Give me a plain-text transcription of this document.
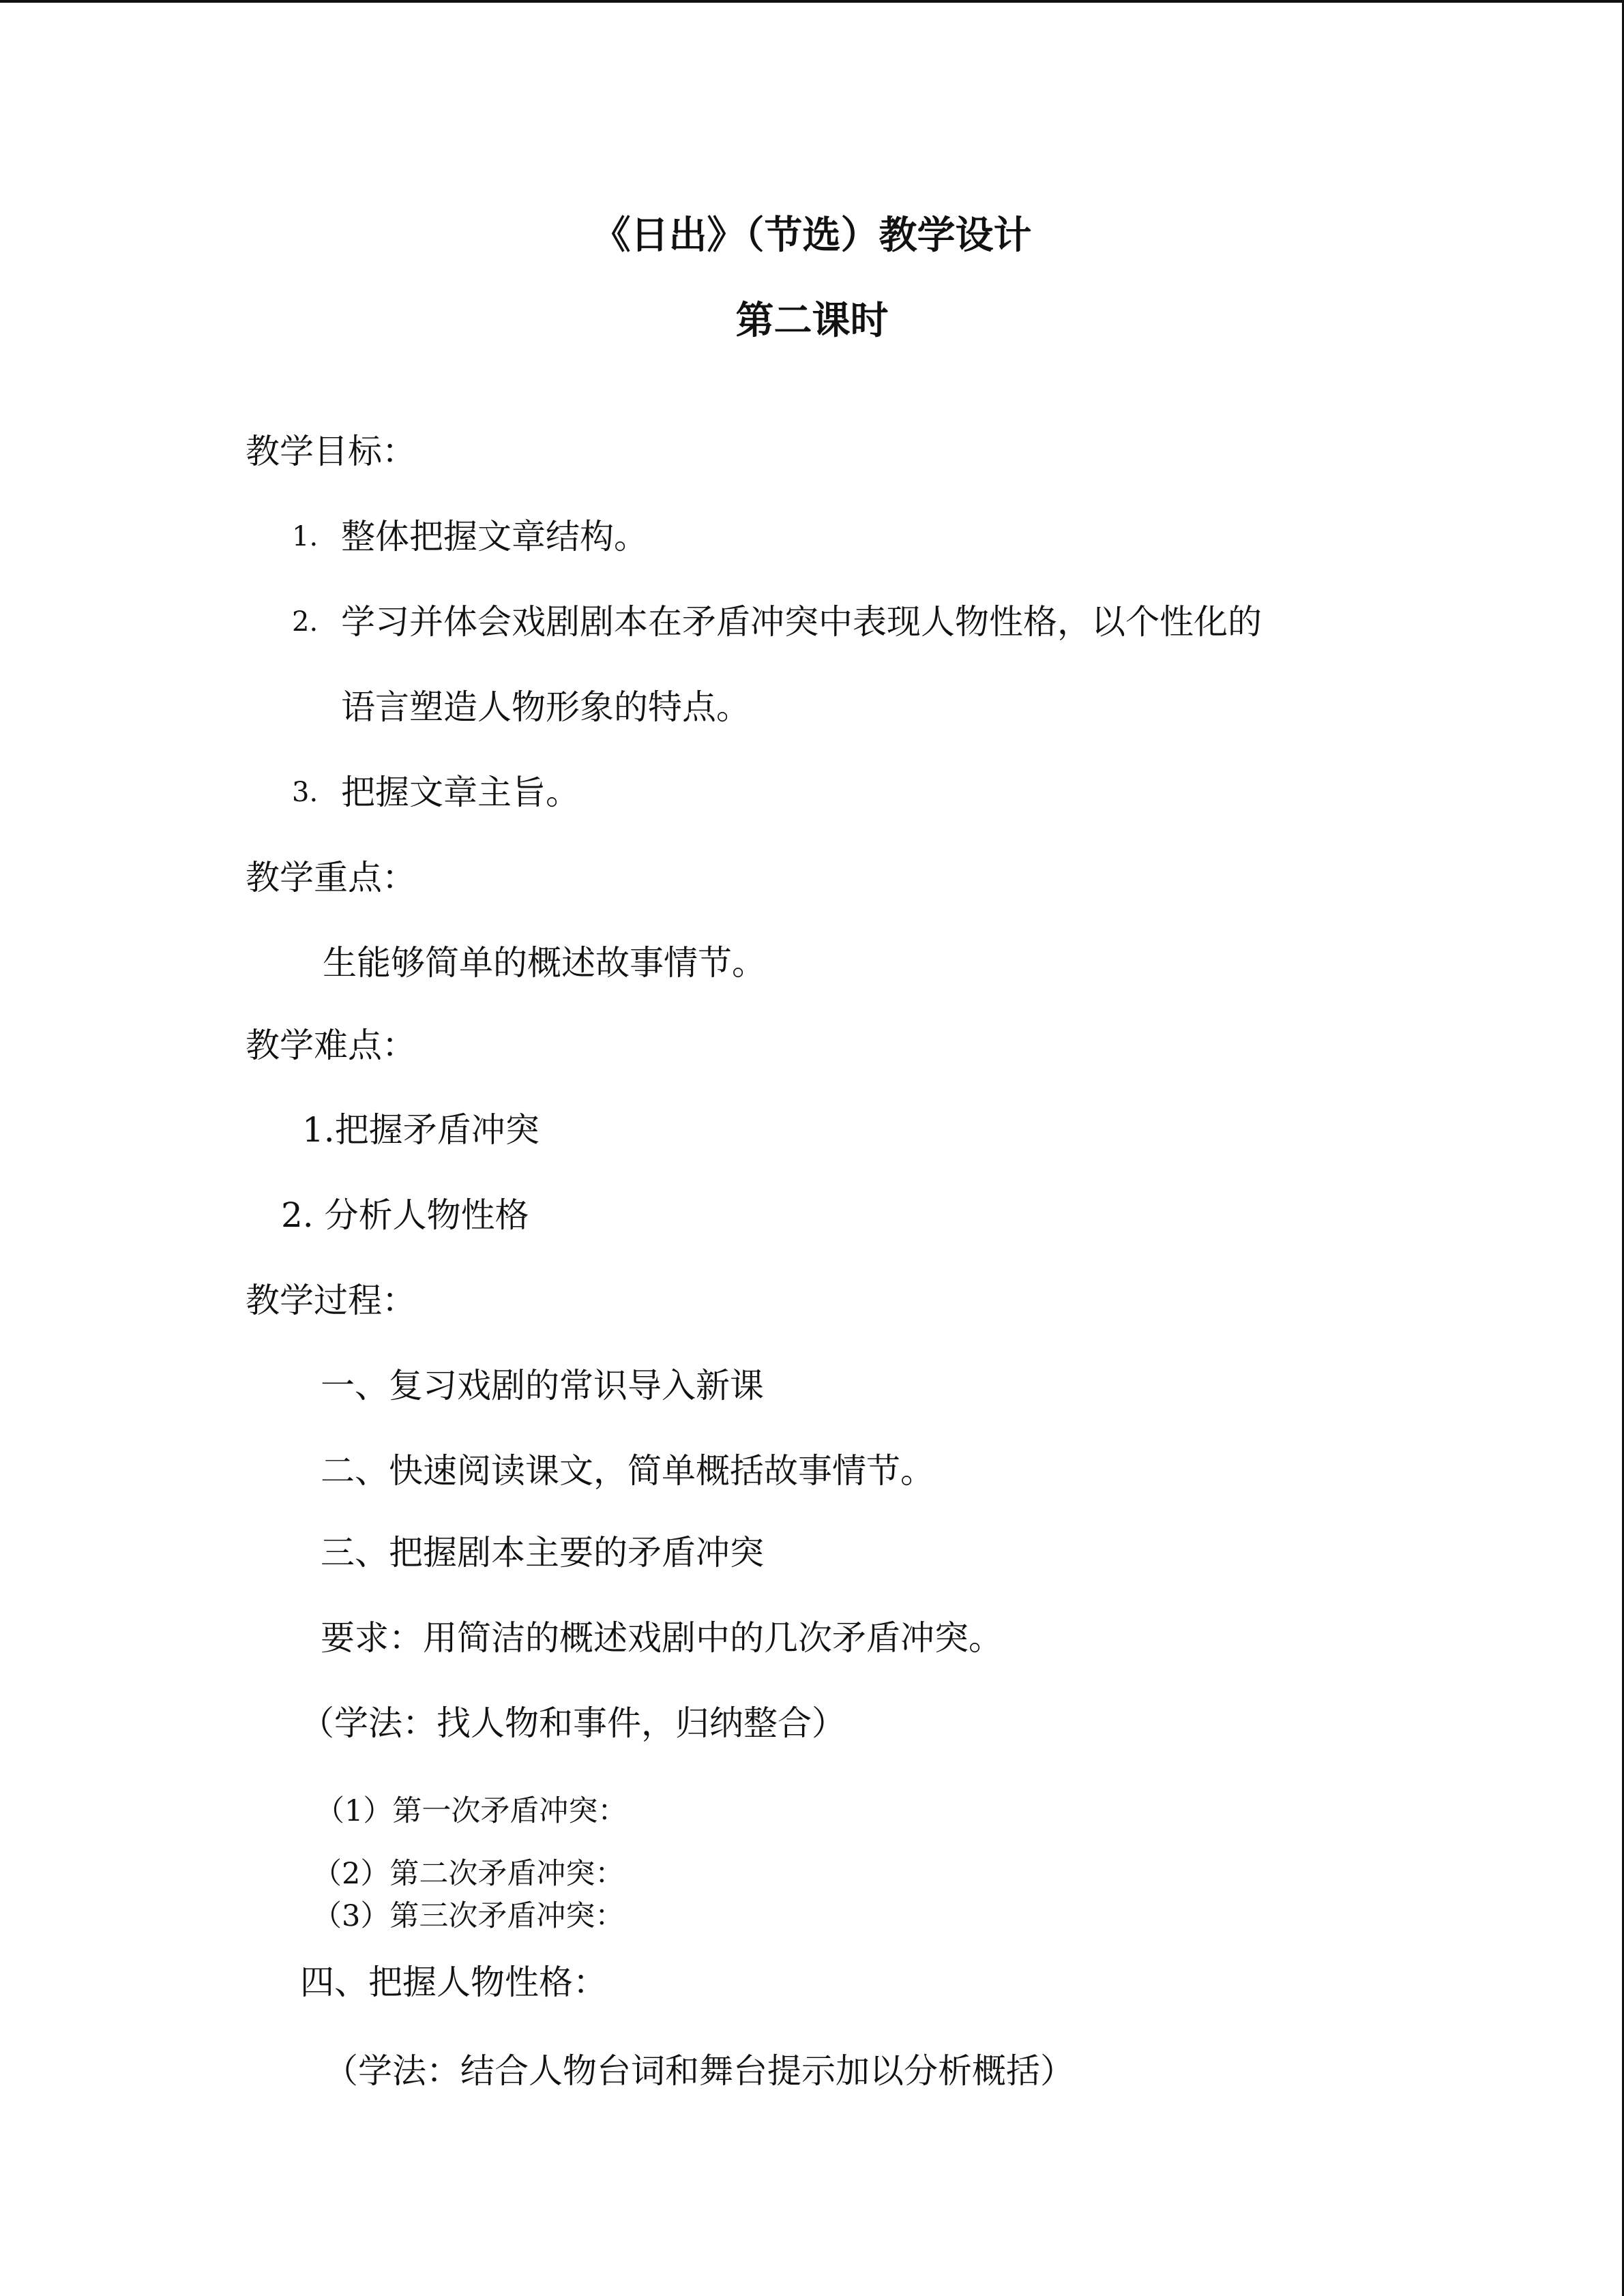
《日出》（节选）教学设计
第二课时
教学目标：
1. 整体把握文章结构。
2. 学习并体会戏剧剧本在矛盾冲突中表现人物性格，以个性化的
语言塑造人物形象的特点。
3. 把握文章主旨。
教学重点：
生能够简单的概述故事情节。
教学难点：
1.把握矛盾冲突
2. 分析人物性格
教学过程：
一、复习戏剧的常识导入新课
二、快速阅读课文，简单概括故事情节。
三、把握剧本主要的矛盾冲突
要求：用简洁的概述戏剧中的几次矛盾冲突。
（学法：找人物和事件，归纳整合）
（1）第一次矛盾冲突：
（2）第二次矛盾冲突：
（3）第三次矛盾冲突：
四、把握人物性格：
（学法：结合人物台词和舞台提示加以分析概括）
